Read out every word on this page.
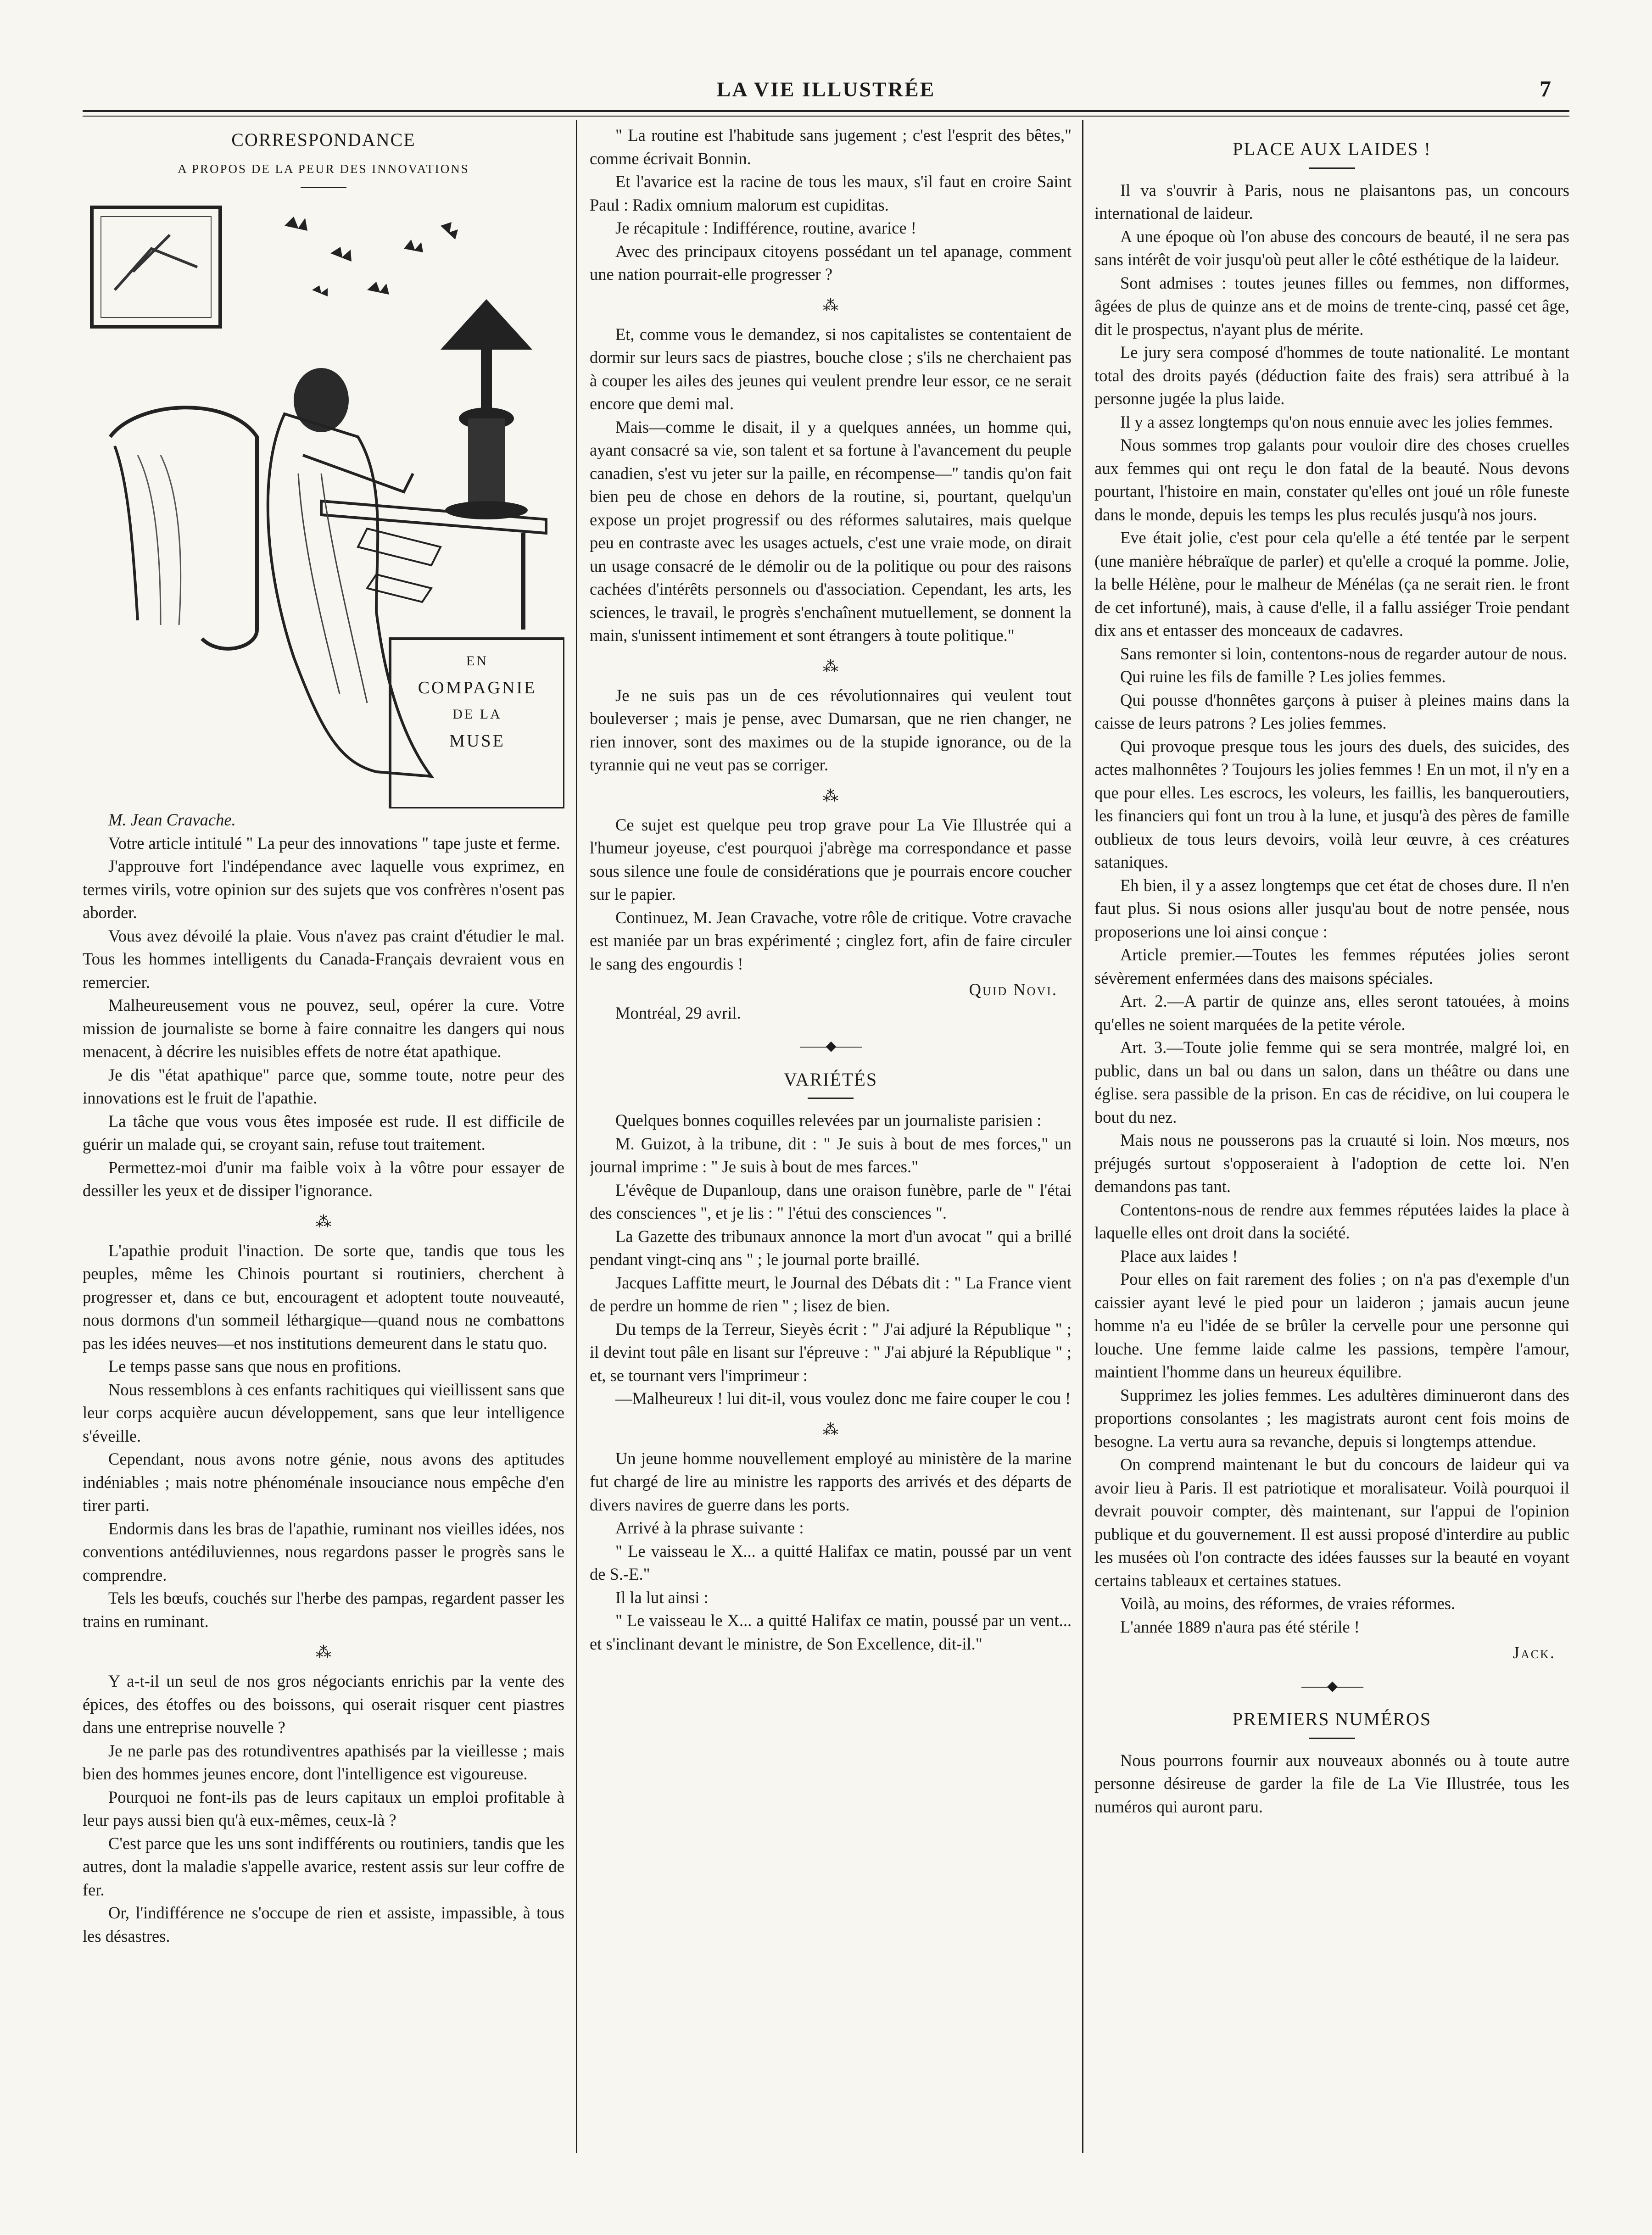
LA VIE ILLUSTRÉE	7
CORRESPONDANCE
A PROPOS DE LA PEUR DES INNOVATIONS
EN
COMPAGNIE
DE LA
MUSE

M. Jean Cravache.

Votre article intitulé " La peur des innovations " tape juste et ferme.

J'approuve fort l'indépendance avec laquelle vous exprimez, en termes virils, votre opinion sur des sujets que vos confrères n'osent pas aborder.

Vous avez dévoilé la plaie. Vous n'avez pas craint d'étudier le mal. Tous les hommes intelligents du Canada-Français devraient vous en remercier.

Malheureusement vous ne pouvez, seul, opérer la cure. Votre mission de journaliste se borne à faire connaitre les dangers qui nous menacent, à décrire les nuisibles effets de notre état apathique.

Je dis "état apathique" parce que, somme toute, notre peur des innovations est le fruit de l'apathie.

La tâche que vous vous êtes imposée est rude. Il est difficile de guérir un malade qui, se croyant sain, refuse tout traitement.

Permettez-moi d'unir ma faible voix à la vôtre pour essayer de dessiller les yeux et de dissiper l'ignorance.

⁂

L'apathie produit l'inaction. De sorte que, tandis que tous les peuples, même les Chinois pourtant si routiniers, cherchent à progresser et, dans ce but, encouragent et adoptent toute nouveauté, nous dormons d'un sommeil léthargique—quand nous ne combattons pas les idées neuves—et nos institutions demeurent dans le statu quo.

Le temps passe sans que nous en profitions.

Nous ressemblons à ces enfants rachitiques qui vieillissent sans que leur corps acquière aucun développement, sans que leur intelligence s'éveille.

Cependant, nous avons notre génie, nous avons des aptitudes indéniables ; mais notre phénoménale insouciance nous empêche d'en tirer parti.

Endormis dans les bras de l'apathie, ruminant nos vieilles idées, nos conventions antédiluviennes, nous regardons passer le progrès sans le comprendre.

Tels les bœufs, couchés sur l'herbe des pampas, regardent passer les trains en ruminant.

⁂

Y a-t-il un seul de nos gros négociants enrichis par la vente des épices, des étoffes ou des boissons, qui oserait risquer cent piastres dans une entreprise nouvelle ?

Je ne parle pas des rotundiventres apathisés par la vieillesse ; mais bien des hommes jeunes encore, dont l'intelligence est vigoureuse.

Pourquoi ne font-ils pas de leurs capitaux un emploi profitable à leur pays aussi bien qu'à eux-mêmes, ceux-là ?

C'est parce que les uns sont indifférents ou routiniers, tandis que les autres, dont la maladie s'appelle avarice, restent assis sur leur coffre de fer.

Or, l'indifférence ne s'occupe de rien et assiste, impassible, à tous les désastres.

" La routine est l'habitude sans jugement ; c'est l'esprit des bêtes," comme écrivait Bonnin.

Et l'avarice est la racine de tous les maux, s'il faut en croire Saint Paul : Radix omnium malorum est cupiditas.

Je récapitule : Indifférence, routine, avarice !

Avec des principaux citoyens possédant un tel apanage, comment une nation pourrait-elle progresser ?

⁂

Et, comme vous le demandez, si nos capitalistes se contentaient de dormir sur leurs sacs de piastres, bouche close ; s'ils ne cherchaient pas à couper les ailes des jeunes qui veulent prendre leur essor, ce ne serait encore que demi mal.

Mais—comme le disait, il y a quelques années, un homme qui, ayant consacré sa vie, son talent et sa fortune à l'avancement du peuple canadien, s'est vu jeter sur la paille, en récompense—" tandis qu'on fait bien peu de chose en dehors de la routine, si, pourtant, quelqu'un expose un projet progressif ou des réformes salutaires, mais quelque peu en contraste avec les usages actuels, c'est une vraie mode, on dirait un usage consacré de le démolir ou de la politique ou pour des raisons cachées d'intérêts personnels ou d'association. Cependant, les arts, les sciences, le travail, le progrès s'enchaînent mutuellement, se donnent la main, s'unissent intimement et sont étrangers à toute politique."

⁂

Je ne suis pas un de ces révolutionnaires qui veulent tout bouleverser ; mais je pense, avec Dumarsan, que ne rien changer, ne rien innover, sont des maximes ou de la stupide ignorance, ou de la tyrannie qui ne veut pas se corriger.

⁂

Ce sujet est quelque peu trop grave pour La Vie Illustrée qui a l'humeur joyeuse, c'est pourquoi j'abrège ma correspondance et passe sous silence une foule de considérations que je pourrais encore coucher sur le papier.

Continuez, M. Jean Cravache, votre rôle de critique. Votre cravache est maniée par un bras expérimenté ; cinglez fort, afin de faire circuler le sang des engourdis !

Quid Novi.

Montréal, 29 avril.

——◆——
VARIÉTÉS

Quelques bonnes coquilles relevées par un journaliste parisien :

M. Guizot, à la tribune, dit : " Je suis à bout de mes forces," un journal imprime : " Je suis à bout de mes farces."

L'évêque de Dupanloup, dans une oraison funèbre, parle de " l'étai des consciences ", et je lis : " l'étui des consciences ".

La Gazette des tribunaux annonce la mort d'un avocat " qui a brillé pendant vingt-cinq ans " ; le journal porte braillé.

Jacques Laffitte meurt, le Journal des Débats dit : " La France vient de perdre un homme de rien " ; lisez de bien.

Du temps de la Terreur, Sieyès écrit : " J'ai adjuré la République " ; il devint tout pâle en lisant sur l'épreuve : " J'ai abjuré la République " ; et, se tournant vers l'imprimeur :

—Malheureux ! lui dit-il, vous voulez donc me faire couper le cou !

⁂

Un jeune homme nouvellement employé au ministère de la marine fut chargé de lire au ministre les rapports des arrivés et des départs de divers navires de guerre dans les ports.

Arrivé à la phrase suivante :

" Le vaisseau le X... a quitté Halifax ce matin, poussé par un vent de S.-E."

Il la lut ainsi :

" Le vaisseau le X... a quitté Halifax ce matin, poussé par un vent... et s'inclinant devant le ministre, de Son Excellence, dit-il."

PLACE AUX LAIDES !

Il va s'ouvrir à Paris, nous ne plaisantons pas, un concours international de laideur.

A une époque où l'on abuse des concours de beauté, il ne sera pas sans intérêt de voir jusqu'où peut aller le côté esthétique de la laideur.

Sont admises : toutes jeunes filles ou femmes, non difformes, âgées de plus de quinze ans et de moins de trente-cinq, passé cet âge, dit le prospectus, n'ayant plus de mérite.

Le jury sera composé d'hommes de toute nationalité. Le montant total des droits payés (déduction faite des frais) sera attribué à la personne jugée la plus laide.

Il y a assez longtemps qu'on nous ennuie avec les jolies femmes.

Nous sommes trop galants pour vouloir dire des choses cruelles aux femmes qui ont reçu le don fatal de la beauté. Nous devons pourtant, l'histoire en main, constater qu'elles ont joué un rôle funeste dans le monde, depuis les temps les plus reculés jusqu'à nos jours.

Eve était jolie, c'est pour cela qu'elle a été tentée par le serpent (une manière hébraïque de parler) et qu'elle a croqué la pomme. Jolie, la belle Hélène, pour le malheur de Ménélas (ça ne serait rien. le front de cet infortuné), mais, à cause d'elle, il a fallu assiéger Troie pendant dix ans et entasser des monceaux de cadavres.

Sans remonter si loin, contentons-nous de regarder autour de nous.

Qui ruine les fils de famille ? Les jolies femmes.

Qui pousse d'honnêtes garçons à puiser à pleines mains dans la caisse de leurs patrons ? Les jolies femmes.

Qui provoque presque tous les jours des duels, des suicides, des actes malhonnêtes ? Toujours les jolies femmes ! En un mot, il n'y en a que pour elles. Les escrocs, les voleurs, les faillis, les banqueroutiers, les financiers qui font un trou à la lune, et jusqu'à des pères de famille oublieux de tous leurs devoirs, voilà leur œuvre, à ces créatures sataniques.

Eh bien, il y a assez longtemps que cet état de choses dure. Il n'en faut plus. Si nous osions aller jusqu'au bout de notre pensée, nous proposerions une loi ainsi conçue :

Article premier.—Toutes les femmes réputées jolies seront sévèrement enfermées dans des maisons spéciales.

Art. 2.—A partir de quinze ans, elles seront tatouées, à moins qu'elles ne soient marquées de la petite vérole.

Art. 3.—Toute jolie femme qui se sera montrée, malgré loi, en public, dans un bal ou dans un salon, dans un théâtre ou dans une église. sera passible de la prison. En cas de récidive, on lui coupera le bout du nez.

Mais nous ne pousserons pas la cruauté si loin. Nos mœurs, nos préjugés surtout s'opposeraient à l'adoption de cette loi. N'en demandons pas tant.

Contentons-nous de rendre aux femmes réputées laides la place à laquelle elles ont droit dans la société.

Place aux laides !

Pour elles on fait rarement des folies ; on n'a pas d'exemple d'un caissier ayant levé le pied pour un laideron ; jamais aucun jeune homme n'a eu l'idée de se brûler la cervelle pour une personne qui louche. Une femme laide calme les passions, tempère l'amour, maintient l'homme dans un heureux équilibre.

Supprimez les jolies femmes. Les adultères diminueront dans des proportions consolantes ; les magistrats auront cent fois moins de besogne. La vertu aura sa revanche, depuis si longtemps attendue.

On comprend maintenant le but du concours de laideur qui va avoir lieu à Paris. Il est patriotique et moralisateur. Voilà pourquoi il devrait pouvoir compter, dès maintenant, sur l'appui de l'opinion publique et du gouvernement. Il est aussi proposé d'interdire au public les musées où l'on contracte des idées fausses sur la beauté en voyant certains tableaux et certaines statues.

Voilà, au moins, des réformes, de vraies réformes.

L'année 1889 n'aura pas été stérile !

Jack.
——◆——
PREMIERS NUMÉROS

Nous pourrons fournir aux nouveaux abonnés ou à toute autre personne désireuse de garder la file de La Vie Illustrée, tous les numéros qui auront paru.
